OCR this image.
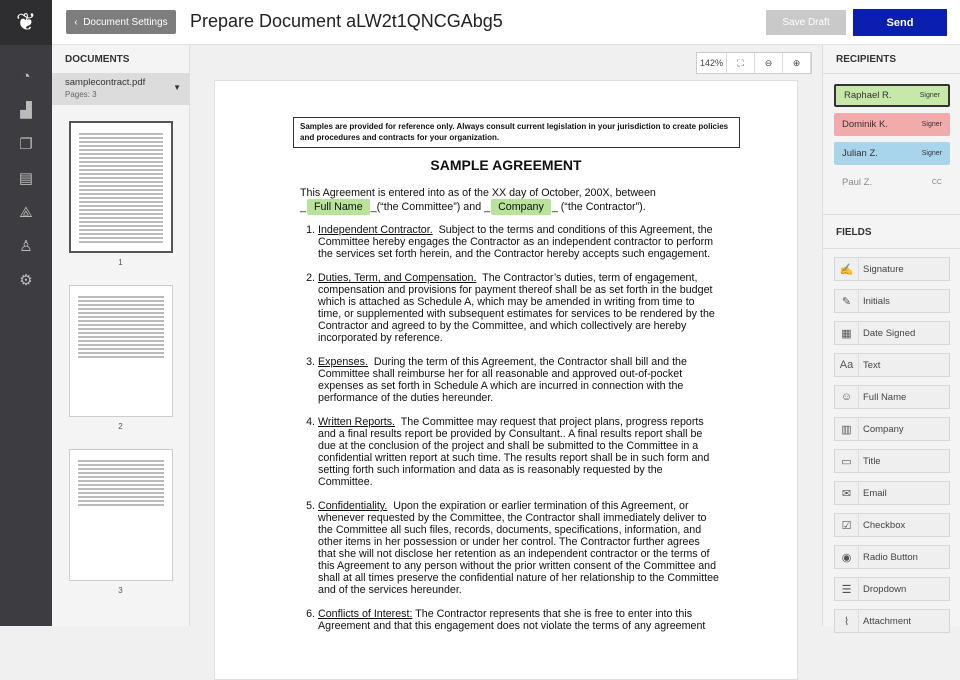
❦
◔
▟
❐
▤
⟁
♙
⚙
‹  Document Settings	Prepare Document aLW2t1QNCGAbg5	Save Draft	Send
DOCUMENTS
samplecontract.pdf
Pages: 3
▼
1
2
3
142%	⛶	⊖	⊕
Samples are provided for reference only. Always consult current legislation in your jurisdiction to create policies and procedures and contracts for your organization.
SAMPLE AGREEMENT
This Agreement is entered into as of the XX day of October, 200X, between
_ Full Name _(“the Committee”) and _ Company _ (“the Contractor”).
1. Independent Contractor. Subject to the terms and conditions of this Agreement, the Committee hereby engages the Contractor as an independent contractor to perform the services set forth herein, and the Contractor hereby accepts such engagement.
2. Duties, Term, and Compensation. The Contractor’s duties, term of engagement, compensation and provisions for payment thereof shall be as set forth in the budget which is attached as Schedule A, which may be amended in writing from time to time, or supplemented with subsequent estimates for services to be rendered by the Contractor and agreed to by the Committee, and which collectively are hereby incorporated by reference.
3. Expenses. During the term of this Agreement, the Contractor shall bill and the Committee shall reimburse her for all reasonable and approved out-of-pocket expenses as set forth in Schedule A which are incurred in connection with the performance of the duties hereunder.
4. Written Reports. The Committee may request that project plans, progress reports and a final results report be provided by Consultant.. A final results report shall be due at the conclusion of the project and shall be submitted to the Committee in a confidential written report at such time. The results report shall be in such form and setting forth such information and data as is reasonably requested by the Committee.
5. Confidentiality. Upon the expiration or earlier termination of this Agreement, or whenever requested by the Committee, the Contractor shall immediately deliver to the Committee all such files, records, documents, specifications, information, and other items in her possession or under her control. The Contractor further agrees that she will not disclose her retention as an independent contractor or the terms of this Agreement to any person without the prior written consent of the Committee and shall at all times preserve the confidential nature of her relationship to the Committee and of the services hereunder.
6. Conflicts of Interest: The Contractor represents that she is free to enter into this Agreement and that this engagement does not violate the terms of any agreement
RECIPIENTS
Raphael R.	Signer
Dominik K.	Signer
Julian Z.	Signer
Paul Z.	CC
FIELDS
✍	Signature
✎	Initials
▦	Date Signed
Aa	Text
☺	Full Name
▥	Company
▭	Title
✉	Email
☑	Checkbox
◉	Radio Button
☰	Dropdown
⌇	Attachment
